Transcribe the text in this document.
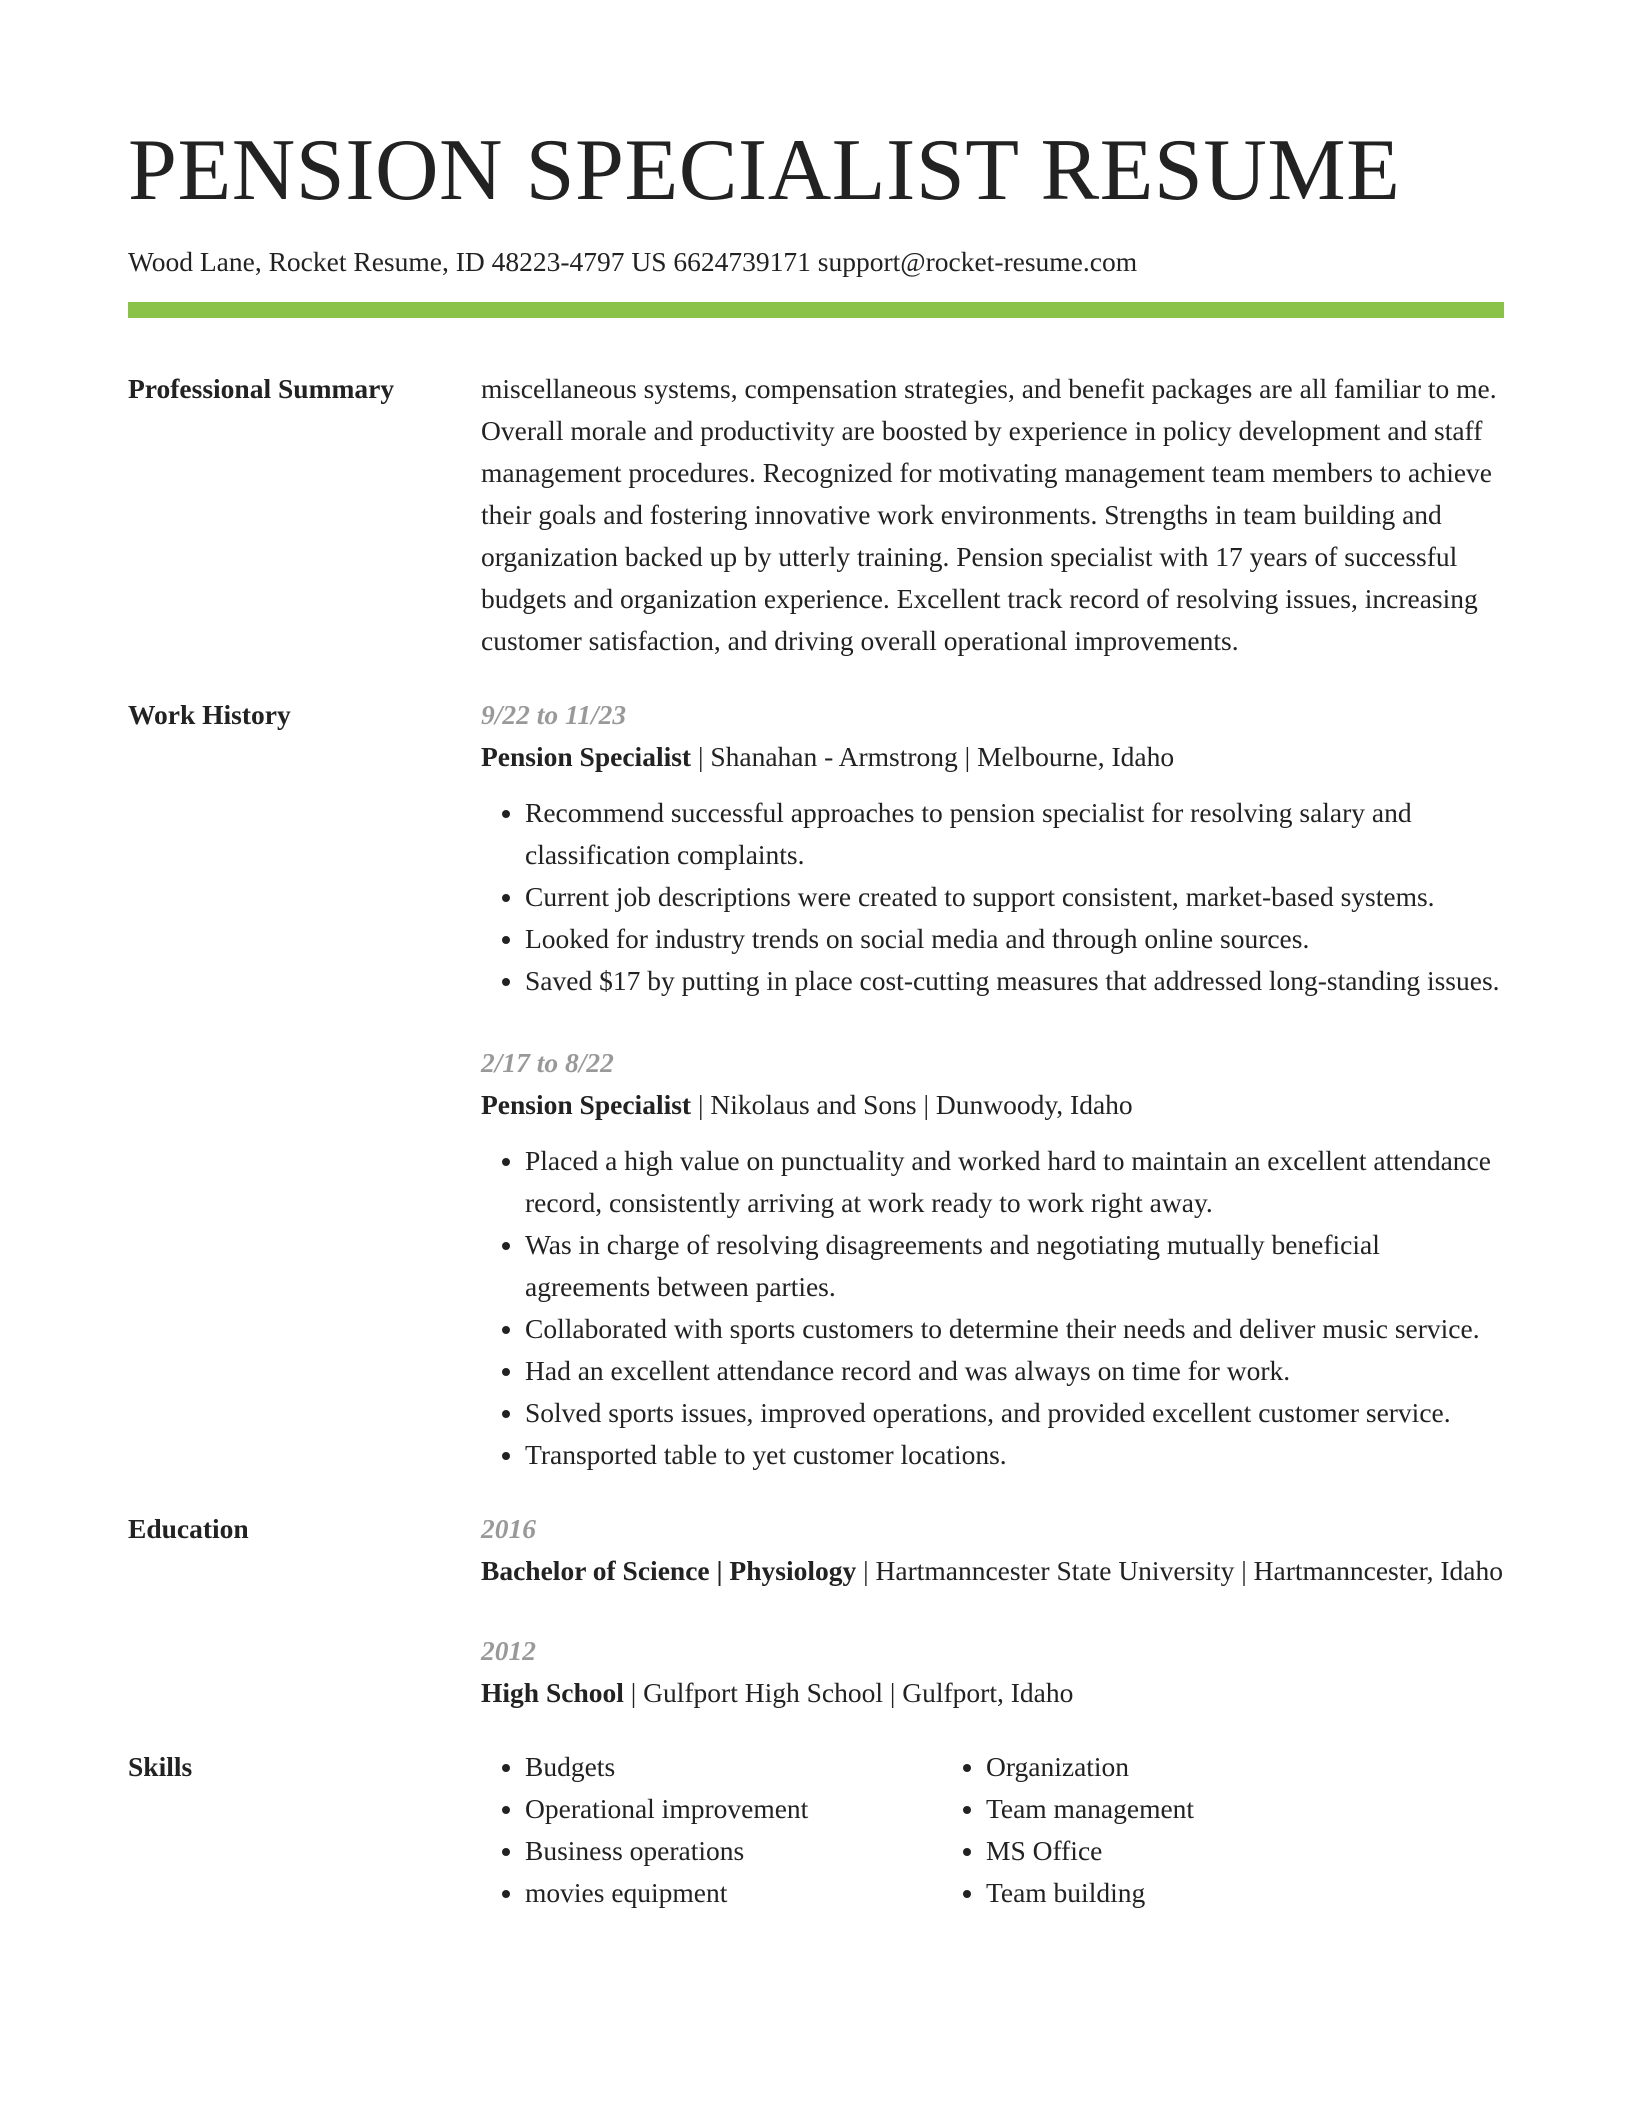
PENSION SPECIALIST RESUME
Wood Lane, Rocket Resume, ID 48223-4797 US 6624739171 support@rocket-resume.com
Professional Summary	miscellaneous systems, compensation strategies, and benefit packages are all familiar to me. Overall morale and productivity are boosted by experience in policy development and staff management procedures. Recognized for motivating management team members to achieve their goals and fostering innovative work environments. Strengths in team building and organization backed up by utterly training. Pension specialist with 17 years of successful budgets and organization experience. Excellent track record of resolving issues, increasing customer satisfaction, and driving overall operational improvements.
Work History	9/22 to 11/23
Pension Specialist | Shanahan - Armstrong | Melbourne, Idaho
• Recommend successful approaches to pension specialist for resolving salary and classification complaints.
• Current job descriptions were created to support consistent, market-based systems.
• Looked for industry trends on social media and through online sources.
• Saved $17 by putting in place cost-cutting measures that addressed long-standing issues.
2/17 to 8/22
Pension Specialist | Nikolaus and Sons | Dunwoody, Idaho
• Placed a high value on punctuality and worked hard to maintain an excellent attendance record, consistently arriving at work ready to work right away.
• Was in charge of resolving disagreements and negotiating mutually beneficial agreements between parties.
• Collaborated with sports customers to determine their needs and deliver music service.
• Had an excellent attendance record and was always on time for work.
• Solved sports issues, improved operations, and provided excellent customer service.
• Transported table to yet customer locations.
Education	2016
Bachelor of Science | Physiology | Hartmanncester State University | Hartmanncester, Idaho
2012
High School | Gulfport High School | Gulfport, Idaho
Skills
•	Budgets
• Operational improvement
• Business operations
• movies equipment
• Organization
• Team management
• MS Office
• Team building
